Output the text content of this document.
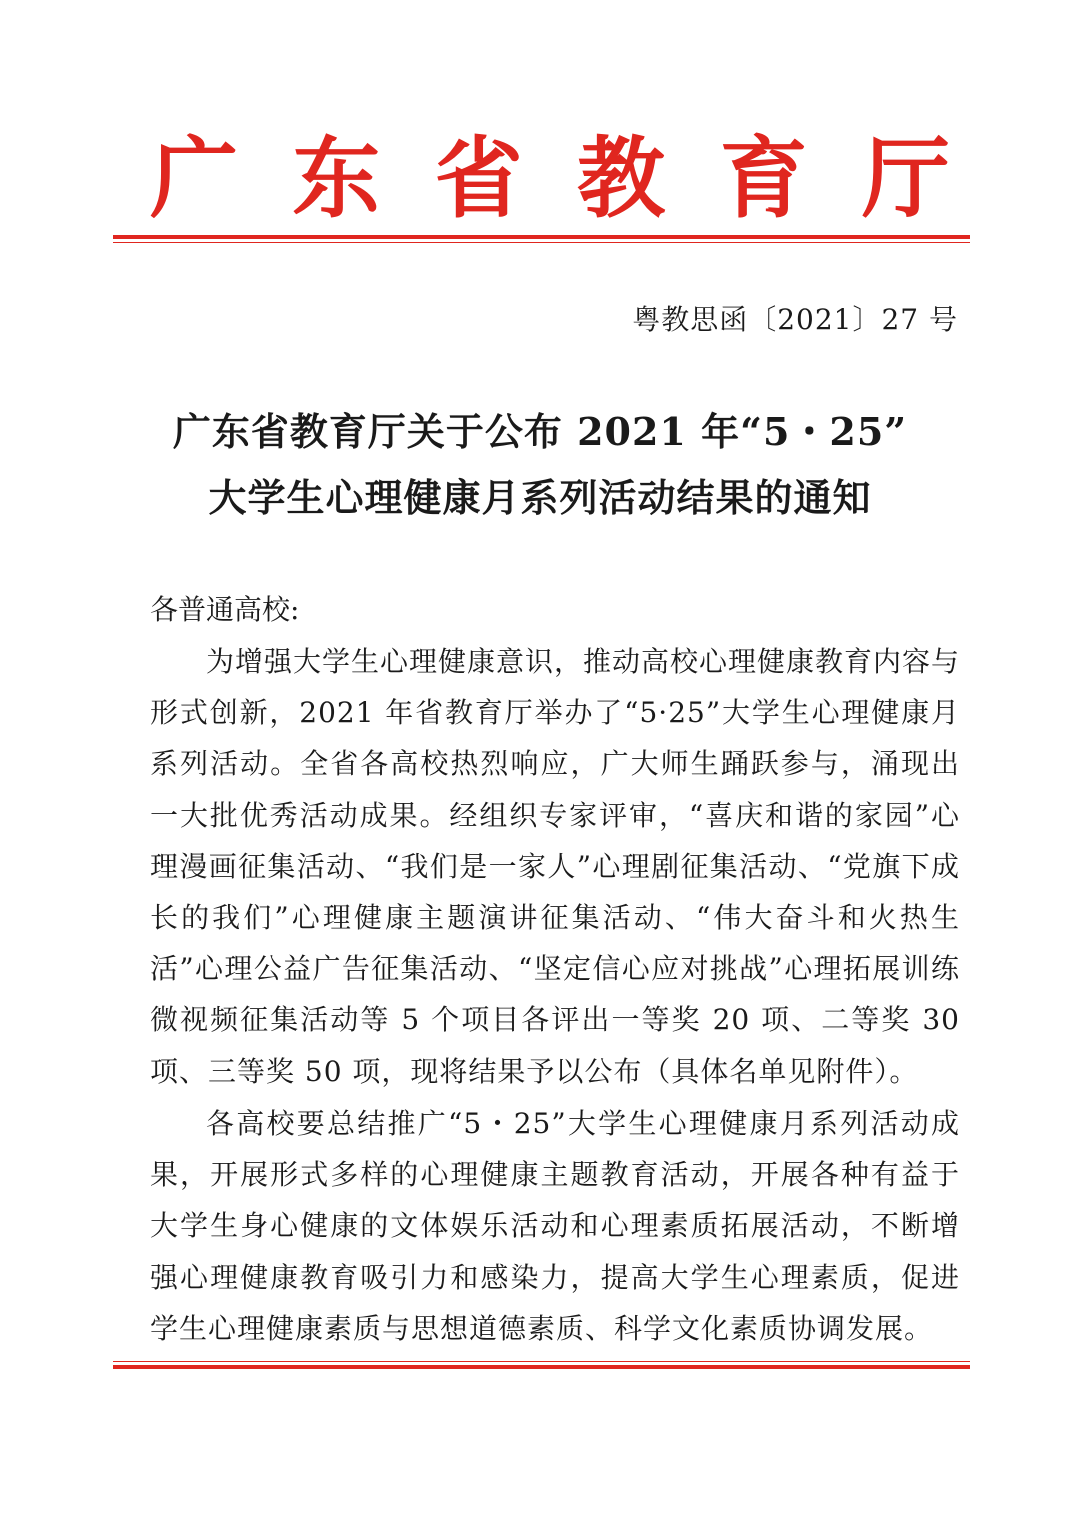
广 东 省 教 育 厅
粤教思函〔2021〕27 号
广东省教育厅关于公布 2021 年“5・25”
大学生心理健康月系列活动结果的通知
各普通高校:
为增强大学生心理健康意识，推动高校心理健康教育内容与形式创新，2021 年省教育厅举办了“5·25”大学生心理健康月系列活动。全省各高校热烈响应，广大师生踊跃参与，涌现出一大批优秀活动成果。经组织专家评审，“喜庆和谐的家园”心理漫画征集活动、“我们是一家人”心理剧征集活动、“党旗下成长的我们”心理健康主题演讲征集活动、“伟大奋斗和火热生活”心理公益广告征集活动、“坚定信心应对挑战”心理拓展训练微视频征集活动等 5 个项目各评出一等奖 20 项、二等奖 30 项、三等奖 50 项，现将结果予以公布（具体名单见附件）。
各高校要总结推广“5・25”大学生心理健康月系列活动成果，开展形式多样的心理健康主题教育活动，开展各种有益于大学生身心健康的文体娱乐活动和心理素质拓展活动，不断增强心理健康教育吸引力和感染力，提高大学生心理素质，促进学生心理健康素质与思想道德素质、科学文化素质协调发展。
